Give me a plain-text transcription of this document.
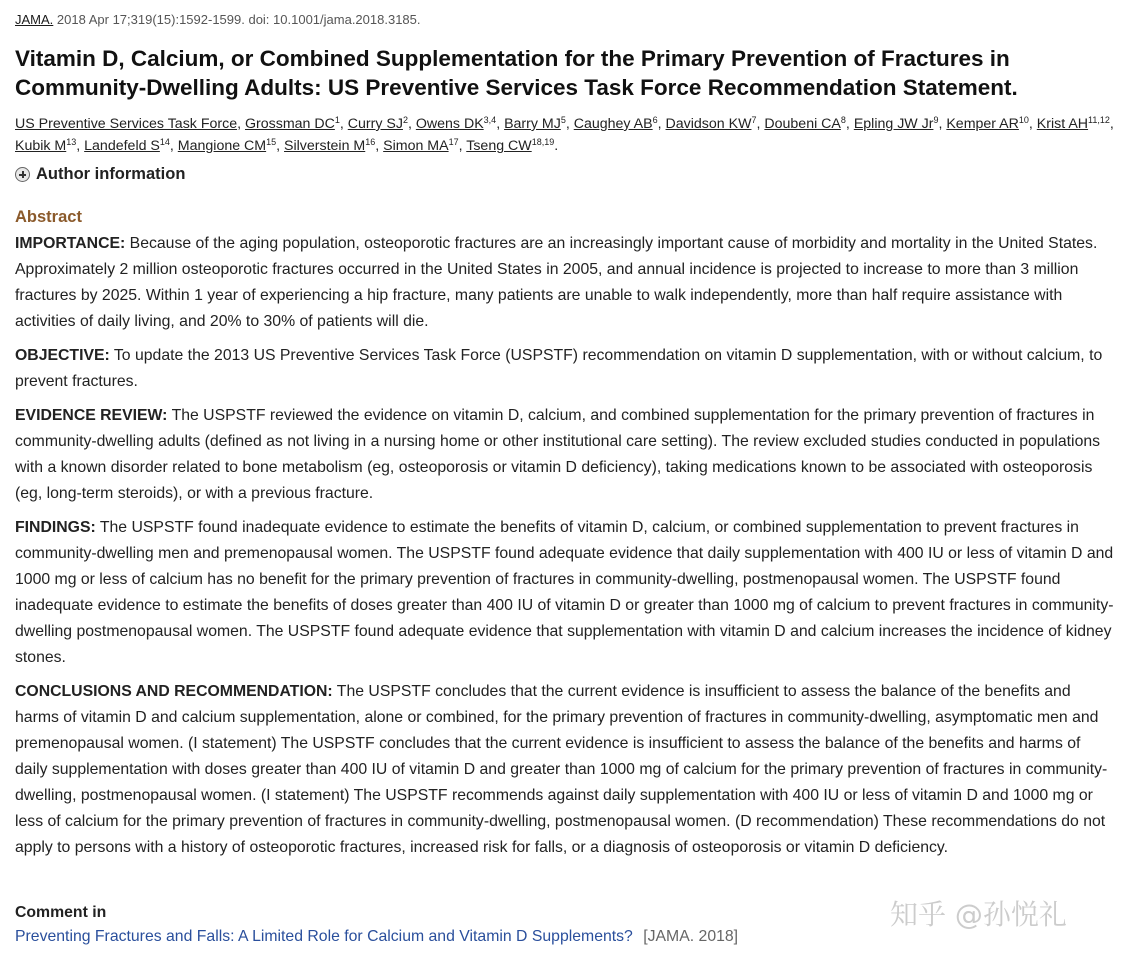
JAMA. 2018 Apr 17;319(15):1592-1599. doi: 10.1001/jama.2018.3185.
Vitamin D, Calcium, or Combined Supplementation for the Primary Prevention of Fractures in Community-Dwelling Adults: US Preventive Services Task Force Recommendation Statement.
US Preventive Services Task Force, Grossman $DC^1$, Curry $SJ^2$, Owens DK$^{3,4}$, Barry $MJ^5$, Caughey $AB^6$, Davidson $KW^7$, Doubeni $CA^8$, Epling JW Jr$^9$, Kemper AR$^{10}$, Krist AH$^{11,12}$, Kubik $M^{13}$, Landefeld $S^{14}$, Mangione CM$^{15}$, Silverstein $M^{16}$, Simon MA$^{17}$, Tseng CW$^{18,19}$.
Author information
Abstract

IMPORTANCE: Because of the aging population, osteoporotic fractures are an increasingly important cause of morbidity and mortality in the United States. Approximately 2 million osteoporotic fractures occurred in the United States in 2005, and annual incidence is projected to increase to more than 3 million fractures by 2025. Within 1 year of experiencing a hip fracture, many patients are unable to walk independently, more than half require assistance with activities of daily living, and 20% to 30% of patients will die.

OBJECTIVE: To update the 2013 US Preventive Services Task Force (USPSTF) recommendation on vitamin D supplementation, with or without calcium, to prevent fractures.

EVIDENCE REVIEW: The USPSTF reviewed the evidence on vitamin D, calcium, and combined supplementation for the primary prevention of fractures in community-dwelling adults (defined as not living in a nursing home or other institutional care setting). The review excluded studies conducted in populations with a known disorder related to bone metabolism (eg, osteoporosis or vitamin D deficiency), taking medications known to be associated with osteoporosis (eg, long-term steroids), or with a previous fracture.

FINDINGS: The USPSTF found inadequate evidence to estimate the benefits of vitamin D, calcium, or combined supplementation to prevent fractures in community-dwelling men and premenopausal women. The USPSTF found adequate evidence that daily supplementation with 400 IU or less of vitamin D and 1000 mg or less of calcium has no benefit for the primary prevention of fractures in community-dwelling, postmenopausal women. The USPSTF found inadequate evidence to estimate the benefits of doses greater than 400 IU of vitamin D or greater than 1000 mg of calcium to prevent fractures in community-dwelling postmenopausal women. The USPSTF found adequate evidence that supplementation with vitamin D and calcium increases the incidence of kidney stones.

CONCLUSIONS AND RECOMMENDATION: The USPSTF concludes that the current evidence is insufficient to assess the balance of the benefits and harms of vitamin D and calcium supplementation, alone or combined, for the primary prevention of fractures in community-dwelling, asymptomatic men and premenopausal women. (I statement) The USPSTF concludes that the current evidence is insufficient to assess the balance of the benefits and harms of daily supplementation with doses greater than 400 IU of vitamin D and greater than 1000 mg of calcium for the primary prevention of fractures in community-dwelling, postmenopausal women. (I statement) The USPSTF recommends against daily supplementation with 400 IU or less of vitamin D and 1000 mg or less of calcium for the primary prevention of fractures in community-dwelling, postmenopausal women. (D recommendation) These recommendations do not apply to persons with a history of osteoporotic fractures, increased risk for falls, or a diagnosis of osteoporosis or vitamin D deficiency.

Comment in
Preventing Fractures and Falls: A Limited Role for Calcium and Vitamin D Supplements? [JAMA. 2018]
知乎 @孙悦礼
